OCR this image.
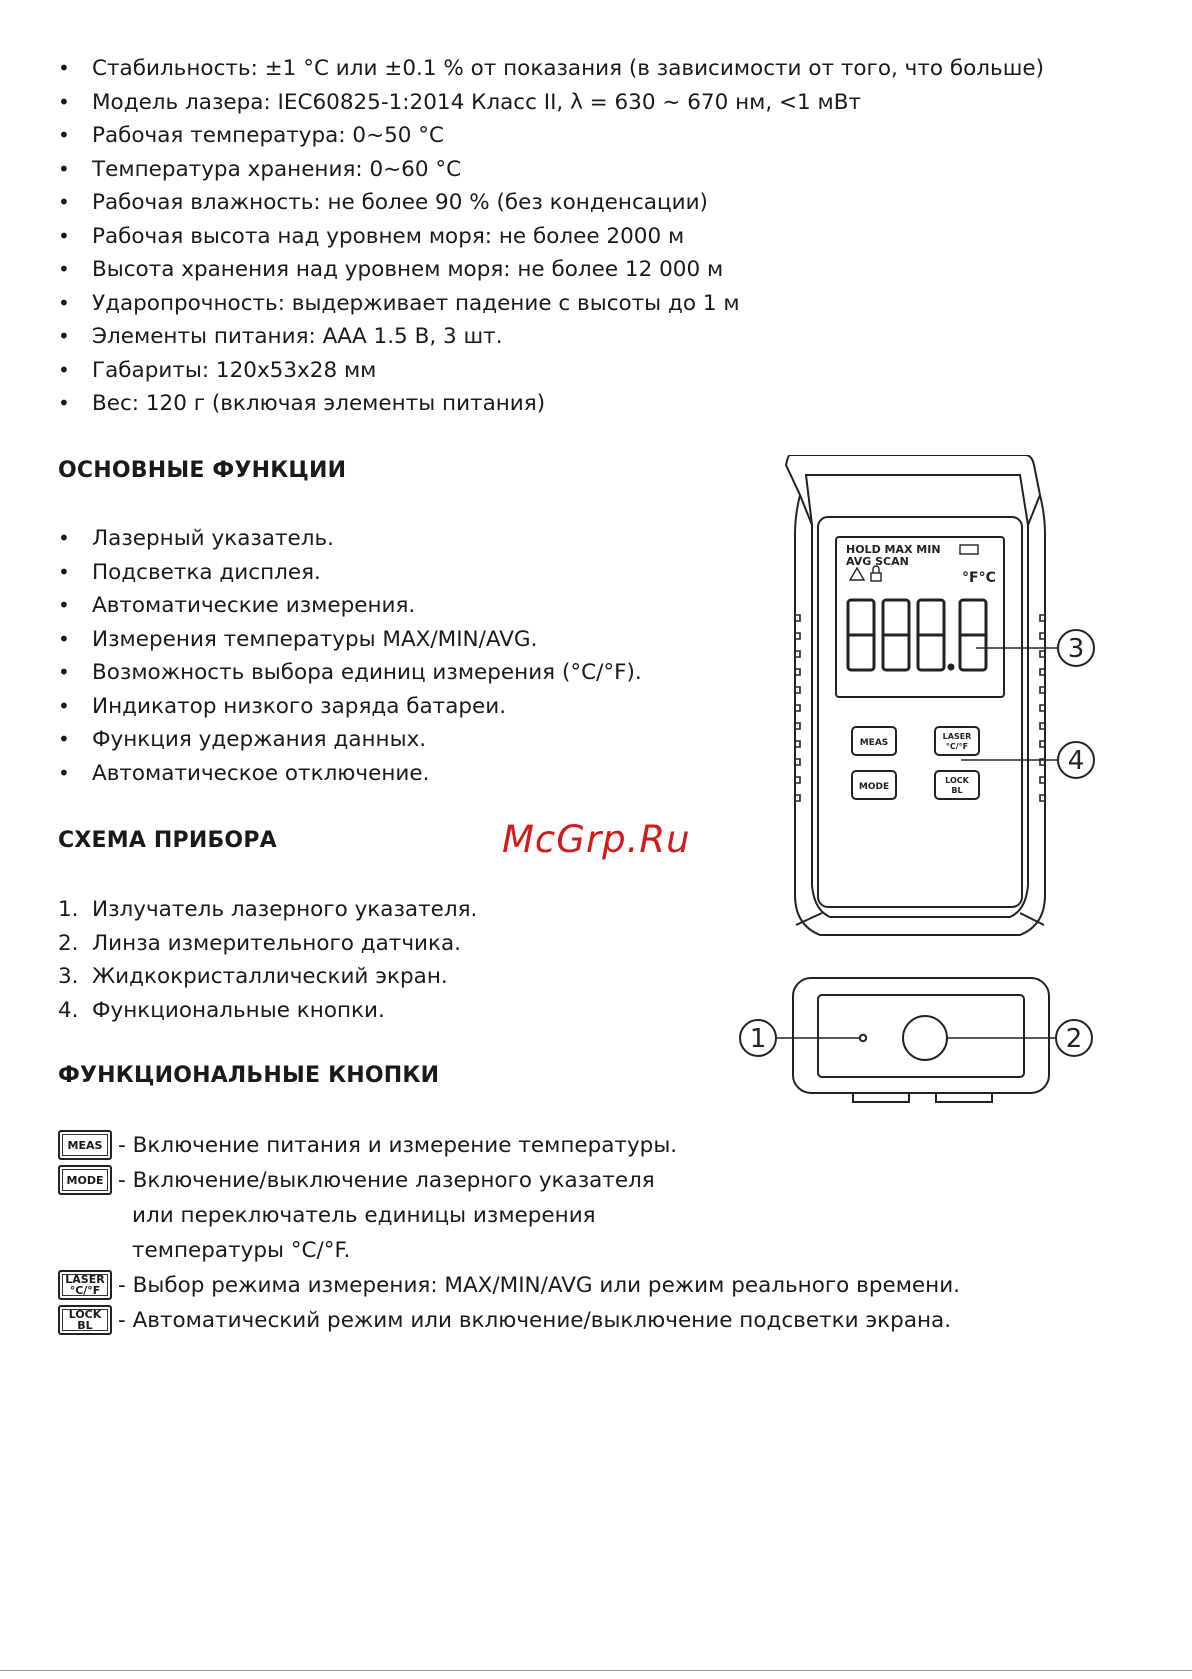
• Стабильность: ±1 °С или ±0.1 % от показания (в зависимости от того, что больше)
• Модель лазера: IEC60825-1:2014 Класс II, λ = 630 ~ 670 нм, <1 мВт
• Рабочая температура: 0~50 °С
• Температура хранения: 0~60 °С
• Рабочая влажность: не более 90 % (без конденсации)
• Рабочая высота над уровнем моря: не более 2000 м
• Высота хранения над уровнем моря: не более 12 000 м
• Ударопрочность: выдерживает падение с высоты до 1 м
• Элементы питания: ААА 1.5 В, 3 шт.
• Габариты: 120х53х28 мм
• Вес: 120 г (включая элементы питания)
ОСНОВНЫЕ ФУНКЦИИ
• Лазерный указатель.
• Подсветка дисплея.
• Автоматические измерения.
• Измерения температуры MAX/MIN/AVG.
• Возможность выбора единиц измерения (°С/°F).
• Индикатор низкого заряда батареи.
• Функция удержания данных.
• Автоматическое отключение.
СХЕМА ПРИБОРА	McGrp.Ru
1. Излучатель лазерного указателя.
2. Линза измерительного датчика.
3. Жидкокристаллический экран.
4. Функциональные кнопки.
ФУНКЦИОНАЛЬНЫЕ КНОПКИ
MEAS - Включение питания и измерение температуры.
MODE - Включение/выключение лазерного указателя
или переключатель единицы измерения
температуры °С/°F.
LASER
°C/°F - Выбор режима измерения: MAX/MIN/AVG или режим реального времени.
LOCK
BL - Автоматический режим или включение/выключение подсветки экрана.
HOLD MAX MIN
AVG SCAN
°F°C
MEAS
LASER
°C/°F
MODE
LOCK
BL
3
4
1	2
